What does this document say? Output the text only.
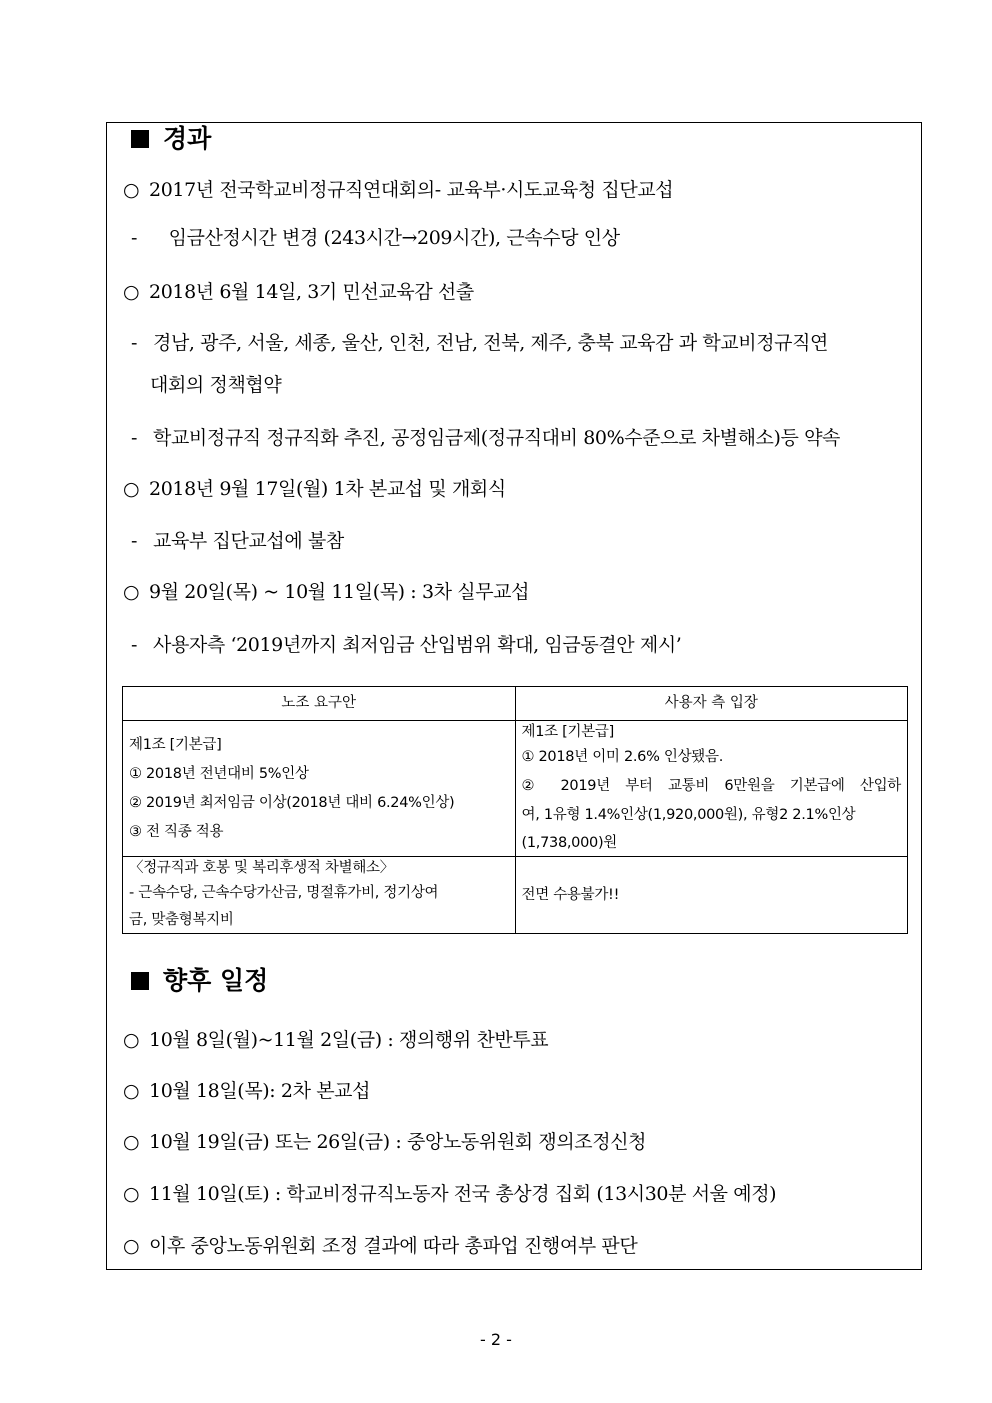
경과
○ 2017년 전국학교비정규직연대회의- 교육부·시도교육청 집단교섭
- 임금산정시간 변경 (243시간→209시간), 근속수당 인상
○ 2018년 6월 14일, 3기 민선교육감 선출
- 경남, 광주, 서울, 세종, 울산, 인천, 전남, 전북, 제주, 충북 교육감 과 학교비정규직연
대회의 정책협약
- 학교비정규직 정규직화 추진, 공정임금제(정규직대비 80%수준으로 차별해소)등 약속
○ 2018년 9월 17일(월) 1차 본교섭 및 개회식
- 교육부 집단교섭에 불참
○ 9월 20일(목) ~ 10월 11일(목) : 3차 실무교섭
- 사용자측 ‘2019년까지 최저임금 산입범위 확대, 임금동결안 제시’
노조 요구안	사용자 측 입장

제1조 [기본급]
① 2018년 전년대비 5%인상
② 2019년 최저임금 이상(2018년 대비 6.24%인상)
③ 전 직종 적용	제1조 [기본급]
① 2018년 이미 2.6% 인상됐음.
② 2019년 부터 교통비 6만원을 기본급에 산입하
여, 1유형 1.4%인상(1,920,000원), 유형2 2.1%인상
(1,738,000)원

〈정규직과 호봉 및 복리후생적 차별해소〉
- 근속수당, 근속수당가산금, 명절휴가비, 정기상여
금, 맞춤형복지비	전면 수용불가!!
향후 일정
○ 10월 8일(월)~11월 2일(금) : 쟁의행위 찬반투표
○ 10월 18일(목): 2차 본교섭
○ 10월 19일(금) 또는 26일(금) : 중앙노동위원회 쟁의조정신청
○ 11월 10일(토) : 학교비정규직노동자 전국 총상경 집회 (13시30분 서울 예정)
○ 이후 중앙노동위원회 조정 결과에 따라 총파업 진행여부 판단
- 2 -
